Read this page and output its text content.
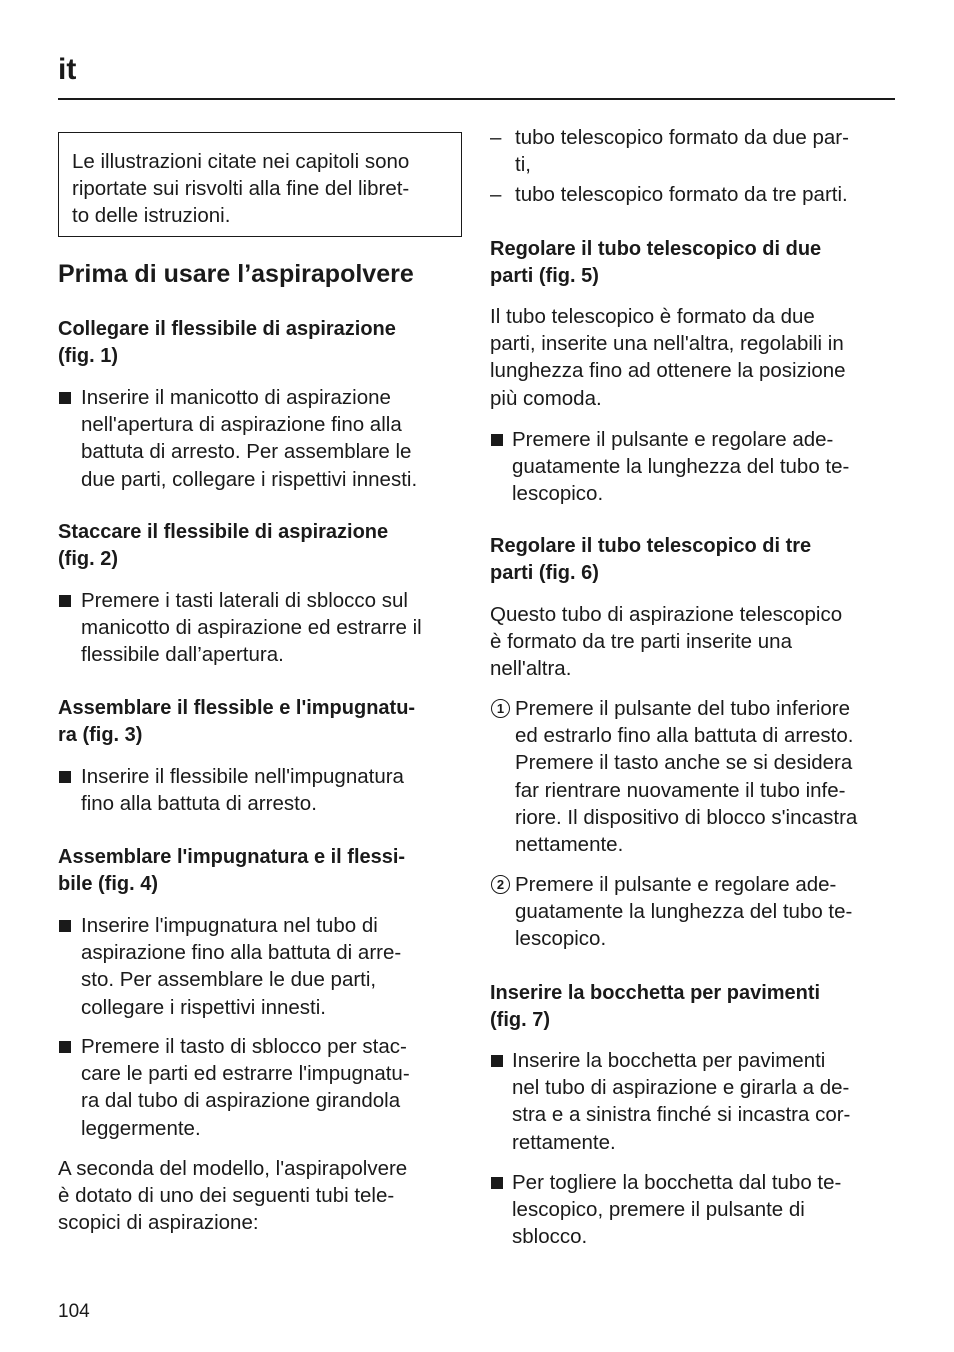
it
Le illustrazioni citate nei capitoli sono
riportate sui risvolti alla fine del libret-
to delle istruzioni.
Prima di usare l’aspirapolvere
Collegare il flessibile di aspirazione
(fig. 1)
Inserire il manicotto di aspirazione
nell'apertura di aspirazione fino alla
battuta di arresto. Per assemblare le
due parti, collegare i rispettivi innesti.
Staccare il flessibile di aspirazione
(fig. 2)
Premere i tasti laterali di sblocco sul
manicotto di aspirazione ed estrarre il
flessibile dall’apertura.
Assemblare il flessible e l'impugnatu-
ra (fig. 3)
Inserire il flessibile nell'impugnatura
fino alla battuta di arresto.
Assemblare l'impugnatura e il flessi-
bile (fig. 4)
Inserire l'impugnatura nel tubo di
aspirazione fino alla battuta di arre-
sto. Per assemblare le due parti,
collegare i rispettivi innesti.
Premere il tasto di sblocco per stac-
care le parti ed estrarre l'impugnatu-
ra dal tubo di aspirazione girandola
leggermente.
A seconda del modello, l'aspirapolvere
è dotato di uno dei seguenti tubi tele-
scopici di aspirazione:
– tubo telescopico formato da due par-
ti,
– tubo telescopico formato da tre parti.
Regolare il tubo telescopico di due
parti (fig. 5)
Il tubo telescopico è formato da due
parti, inserite una nell'altra, regolabili in
lunghezza fino ad ottenere la posizione
più comoda.
Premere il pulsante e regolare ade-
guatamente la lunghezza del tubo te-
lescopico.
Regolare il tubo telescopico di tre
parti (fig. 6)
Questo tubo di aspirazione telescopico
è formato da tre parti inserite una
nell'altra.
1 Premere il pulsante del tubo inferiore
ed estrarlo fino alla battuta di arresto.
Premere il tasto anche se si desidera
far rientrare nuovamente il tubo infe-
riore. Il dispositivo di blocco s'incastra
nettamente.
2 Premere il pulsante e regolare ade-
guatamente la lunghezza del tubo te-
lescopico.
Inserire la bocchetta per pavimenti
(fig. 7)
Inserire la bocchetta per pavimenti
nel tubo di aspirazione e girarla a de-
stra e a sinistra finché si incastra cor-
rettamente.
Per togliere la bocchetta dal tubo te-
lescopico, premere il pulsante di
sblocco.
104
